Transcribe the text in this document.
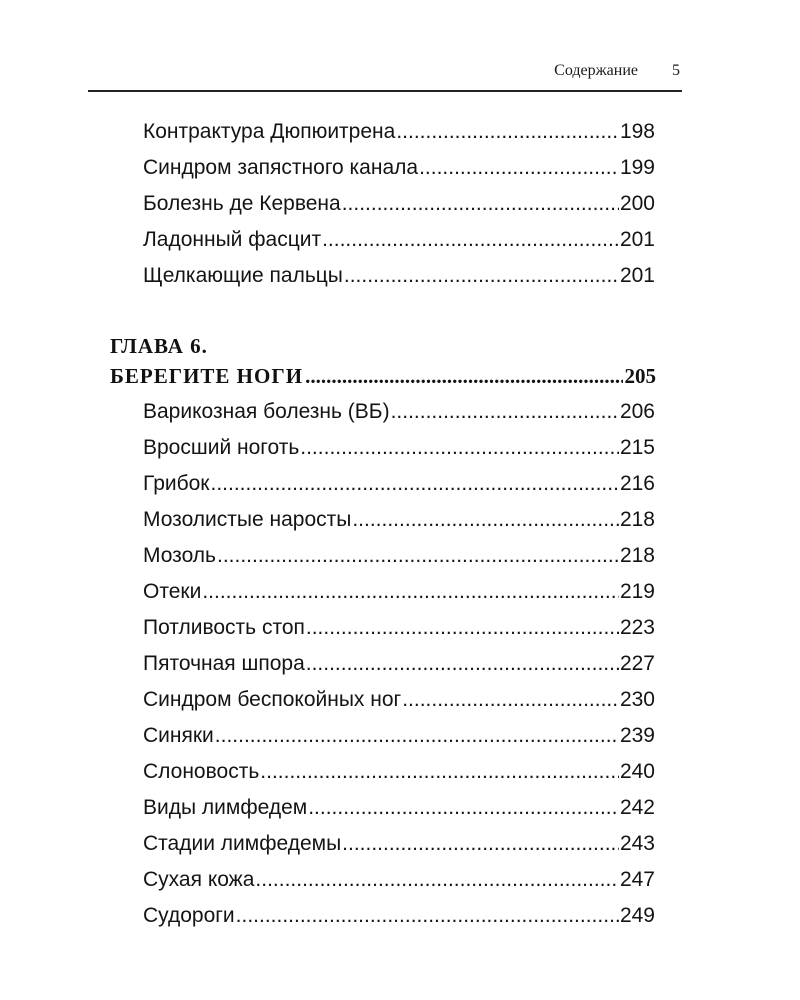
Содержание 5
Контрактура Дюпюитрена .....	198
Синдром запястного канала .....	199
Болезнь де Кервена .....	200
Ладонный фасцит .....	201
Щелкающие пальцы .....	201
ГЛАВА 6.
БЕРЕГИТЕ НОГИ .....	205
Варикозная болезнь (ВБ) .....	206
Вросший ноготь .....	215
Грибок .....	216
Мозолистые наросты .....	218
Мозоль .....	218
Отеки .....	219
Потливость стоп .....	223
Пяточная шпора .....	227
Синдром беспокойных ног .....	230
Синяки .....	239
Слоновость .....	240
Виды лимфедем .....	242
Стадии лимфедемы .....	243
Сухая кожа .....	247
Судороги .....	249
